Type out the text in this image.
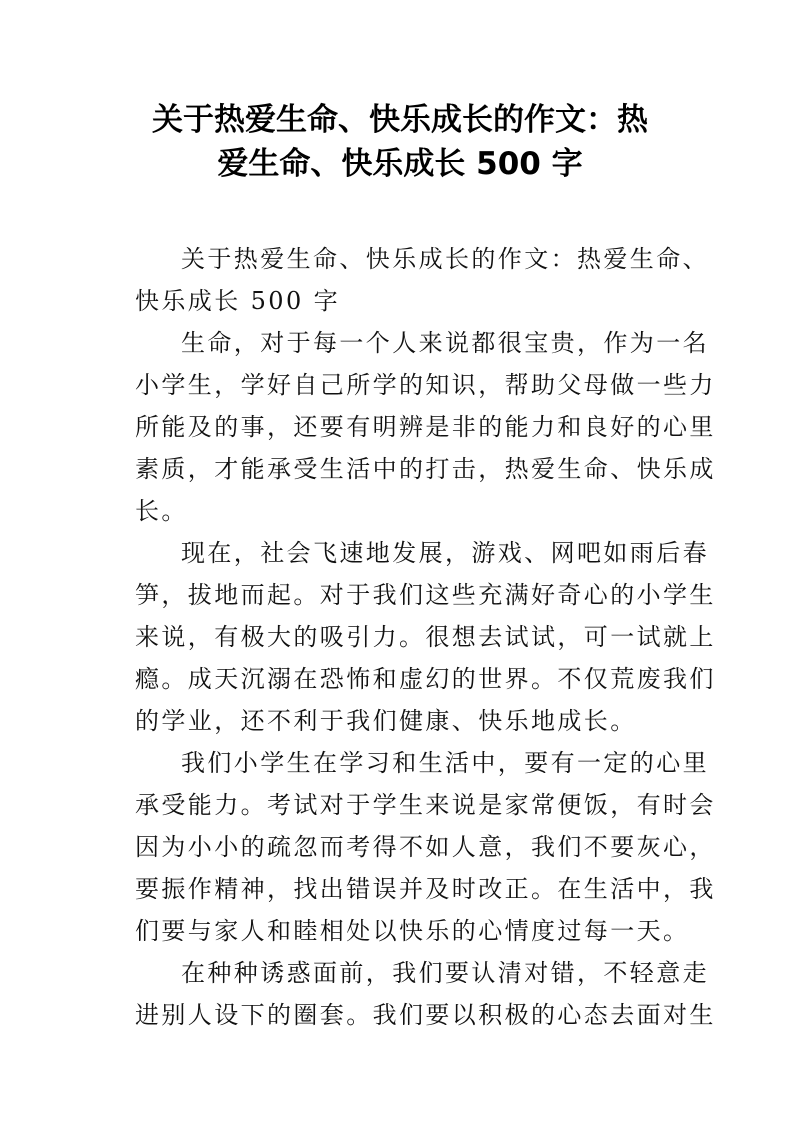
关于热爱生命、快乐成长的作文：热
爱生命、快乐成长 500 字
关于热爱生命、快乐成长的作文：热爱生命、
快乐成长 500 字
生命，对于每一个人来说都很宝贵，作为一名
小学生，学好自己所学的知识，帮助父母做一些力
所能及的事，还要有明辨是非的能力和良好的心里
素质，才能承受生活中的打击，热爱生命、快乐成
长。
现在，社会飞速地发展，游戏、网吧如雨后春
笋，拔地而起。对于我们这些充满好奇心的小学生
来说，有极大的吸引力。很想去试试，可一试就上
瘾。成天沉溺在恐怖和虚幻的世界。不仅荒废我们
的学业，还不利于我们健康、快乐地成长。
我们小学生在学习和生活中，要有一定的心里
承受能力。考试对于学生来说是家常便饭，有时会
因为小小的疏忽而考得不如人意，我们不要灰心，
要振作精神，找出错误并及时改正。在生活中，我
们要与家人和睦相处以快乐的心情度过每一天。
在种种诱惑面前，我们要认清对错，不轻意走
进别人设下的圈套。我们要以积极的心态去面对生
